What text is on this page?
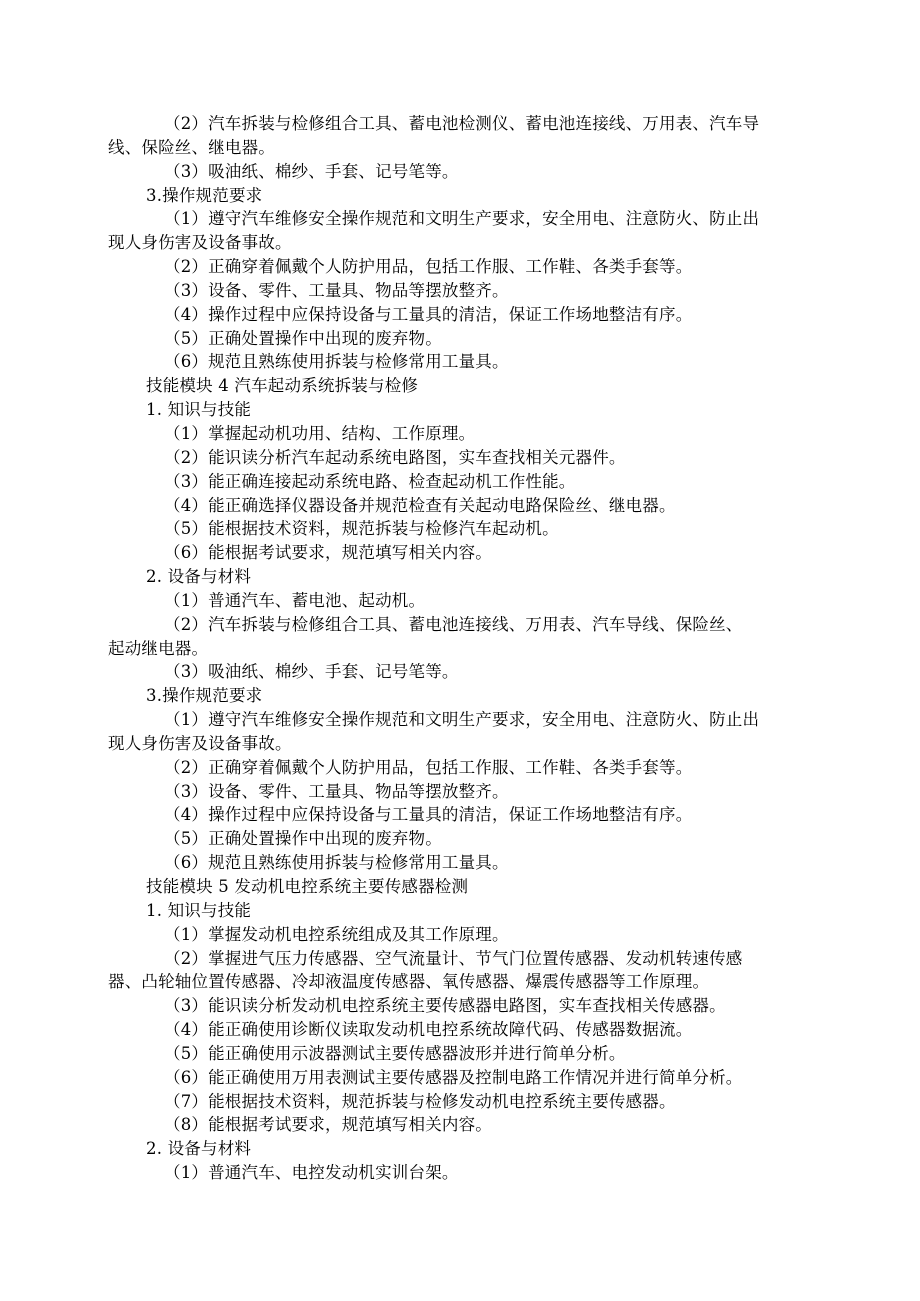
（2）汽车拆装与检修组合工具、蓄电池检测仪、蓄电池连接线、万用表、汽车导
线、保险丝、继电器。
（3）吸油纸、棉纱、手套、记号笔等。
3.操作规范要求
（1）遵守汽车维修安全操作规范和文明生产要求，安全用电、注意防火、防止出
现人身伤害及设备事故。
（2）正确穿着佩戴个人防护用品，包括工作服、工作鞋、各类手套等。
（3）设备、零件、工量具、物品等摆放整齐。
（4）操作过程中应保持设备与工量具的清洁，保证工作场地整洁有序。
（5）正确处置操作中出现的废弃物。
（6）规范且熟练使用拆装与检修常用工量具。
技能模块 4 汽车起动系统拆装与检修
1. 知识与技能
（1）掌握起动机功用、结构、工作原理。
（2）能识读分析汽车起动系统电路图，实车查找相关元器件。
（3）能正确连接起动系统电路、检查起动机工作性能。
（4）能正确选择仪器设备并规范检查有关起动电路保险丝、继电器。
（5）能根据技术资料，规范拆装与检修汽车起动机。
（6）能根据考试要求，规范填写相关内容。
2. 设备与材料
（1）普通汽车、蓄电池、起动机。
（2）汽车拆装与检修组合工具、蓄电池连接线、万用表、汽车导线、保险丝、
起动继电器。
（3）吸油纸、棉纱、手套、记号笔等。
3.操作规范要求
（1）遵守汽车维修安全操作规范和文明生产要求，安全用电、注意防火、防止出
现人身伤害及设备事故。
（2）正确穿着佩戴个人防护用品，包括工作服、工作鞋、各类手套等。
（3）设备、零件、工量具、物品等摆放整齐。
（4）操作过程中应保持设备与工量具的清洁，保证工作场地整洁有序。
（5）正确处置操作中出现的废弃物。
（6）规范且熟练使用拆装与检修常用工量具。
技能模块 5 发动机电控系统主要传感器检测
1. 知识与技能
（1）掌握发动机电控系统组成及其工作原理。
（2）掌握进气压力传感器、空气流量计、节气门位置传感器、发动机转速传感
器、凸轮轴位置传感器、冷却液温度传感器、氧传感器、爆震传感器等工作原理。
（3）能识读分析发动机电控系统主要传感器电路图，实车查找相关传感器。
（4）能正确使用诊断仪读取发动机电控系统故障代码、传感器数据流。
（5）能正确使用示波器测试主要传感器波形并进行简单分析。
（6）能正确使用万用表测试主要传感器及控制电路工作情况并进行简单分析。
（7）能根据技术资料，规范拆装与检修发动机电控系统主要传感器。
（8）能根据考试要求，规范填写相关内容。
2. 设备与材料
（1）普通汽车、电控发动机实训台架。
